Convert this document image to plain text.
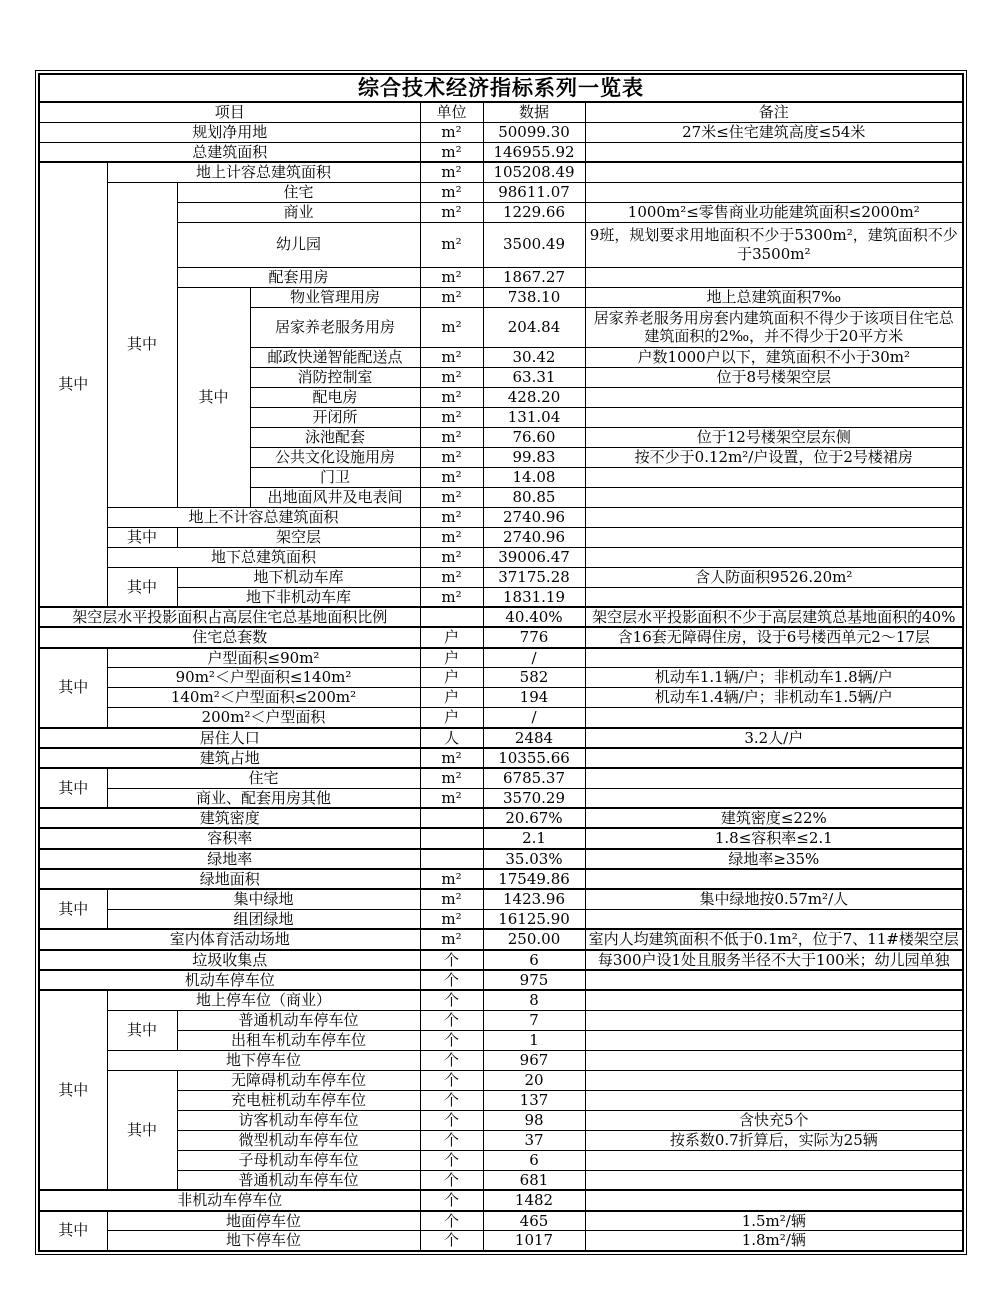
综合技术经济指标系列一览表						
项目				单位	数据	备注
规划净用地				m²	50099.30	27米≤住宅建筑高度≤54米
总建筑面积				m²	146955.92	
其中	地上计容总建筑面积			m²	105208.49	
	其中	住宅		m²	98611.07	
		商业		m²	1229.66	1000m²≤零售商业功能建筑面积≤2000m²
		幼儿园		m²	3500.49	9班，规划要求用地面积不少于5300m²，建筑面积不少于3500m²
		配套用房		m²	1867.27	
		其中	物业管理用房	m²	738.10	地上总建筑面积7‰
			居家养老服务用房	m²	204.84	居家养老服务用房套内建筑面积不得少于该项目住宅总建筑面积的2‰，并不得少于20平方米
			邮政快递智能配送点	m²	30.42	户数1000户以下，建筑面积不小于30m²
			消防控制室	m²	63.31	位于8号楼架空层
			配电房	m²	428.20	
			开闭所	m²	131.04	
			泳池配套	m²	76.60	位于12号楼架空层东侧
			公共文化设施用房	m²	99.83	按不少于0.12m²/户设置，位于2号楼裙房
			门卫	m²	14.08	
			出地面风井及电表间	m²	80.85	
	地上不计容总建筑面积			m²	2740.96	
	其中	架空层		m²	2740.96	
	地下总建筑面积			m²	39006.47	
	其中	地下机动车库		m²	37175.28	含人防面积9526.20m²
		地下非机动车库		m²	1831.19	
架空层水平投影面积占高层住宅总基地面积比例					40.40%	架空层水平投影面积不少于高层建筑总基地面积的40%
住宅总套数				户	776	含16套无障碍住房，设于6号楼西单元2～17层
其中	户型面积≤90m²			户	/	
	90m²＜户型面积≤140m²			户	582	机动车1.1辆/户；非机动车1.8辆/户
	140m²＜户型面积≤200m²			户	194	机动车1.4辆/户；非机动车1.5辆/户
	200m²＜户型面积			户	/	
居住人口				人	2484	3.2人/户
建筑占地				m²	10355.66	
其中	住宅			m²	6785.37	
	商业、配套用房其他			m²	3570.29	
建筑密度					20.67%	建筑密度≤22%
容积率					2.1	1.8≤容积率≤2.1
绿地率					35.03%	绿地率≥35%
绿地面积				m²	17549.86	
其中	集中绿地			m²	1423.96	集中绿地按0.57m²/人
	组团绿地			m²	16125.90	
室内体育活动场地				m²	250.00	室内人均建筑面积不低于0.1m²，位于7、11#楼架空层
垃圾收集点				个	6	每300户设1处且服务半径不大于100米；幼儿园单独
机动车停车位				个	975	
其中	地上停车位（商业）			个	8	
	其中	普通机动车停车位		个	7	
		出租车机动车停车位		个	1	
	地下停车位			个	967	
	其中	无障碍机动车停车位		个	20	
		充电桩机动车停车位		个	137	
		访客机动车停车位		个	98	含快充5个
		微型机动车停车位		个	37	按系数0.7折算后，实际为25辆
		子母机动车停车位		个	6	
		普通机动车停车位		个	681	
非机动车停车位				个	1482	
其中	地面停车位			个	465	1.5m²/辆
	地下停车位			个	1017	1.8m²/辆
